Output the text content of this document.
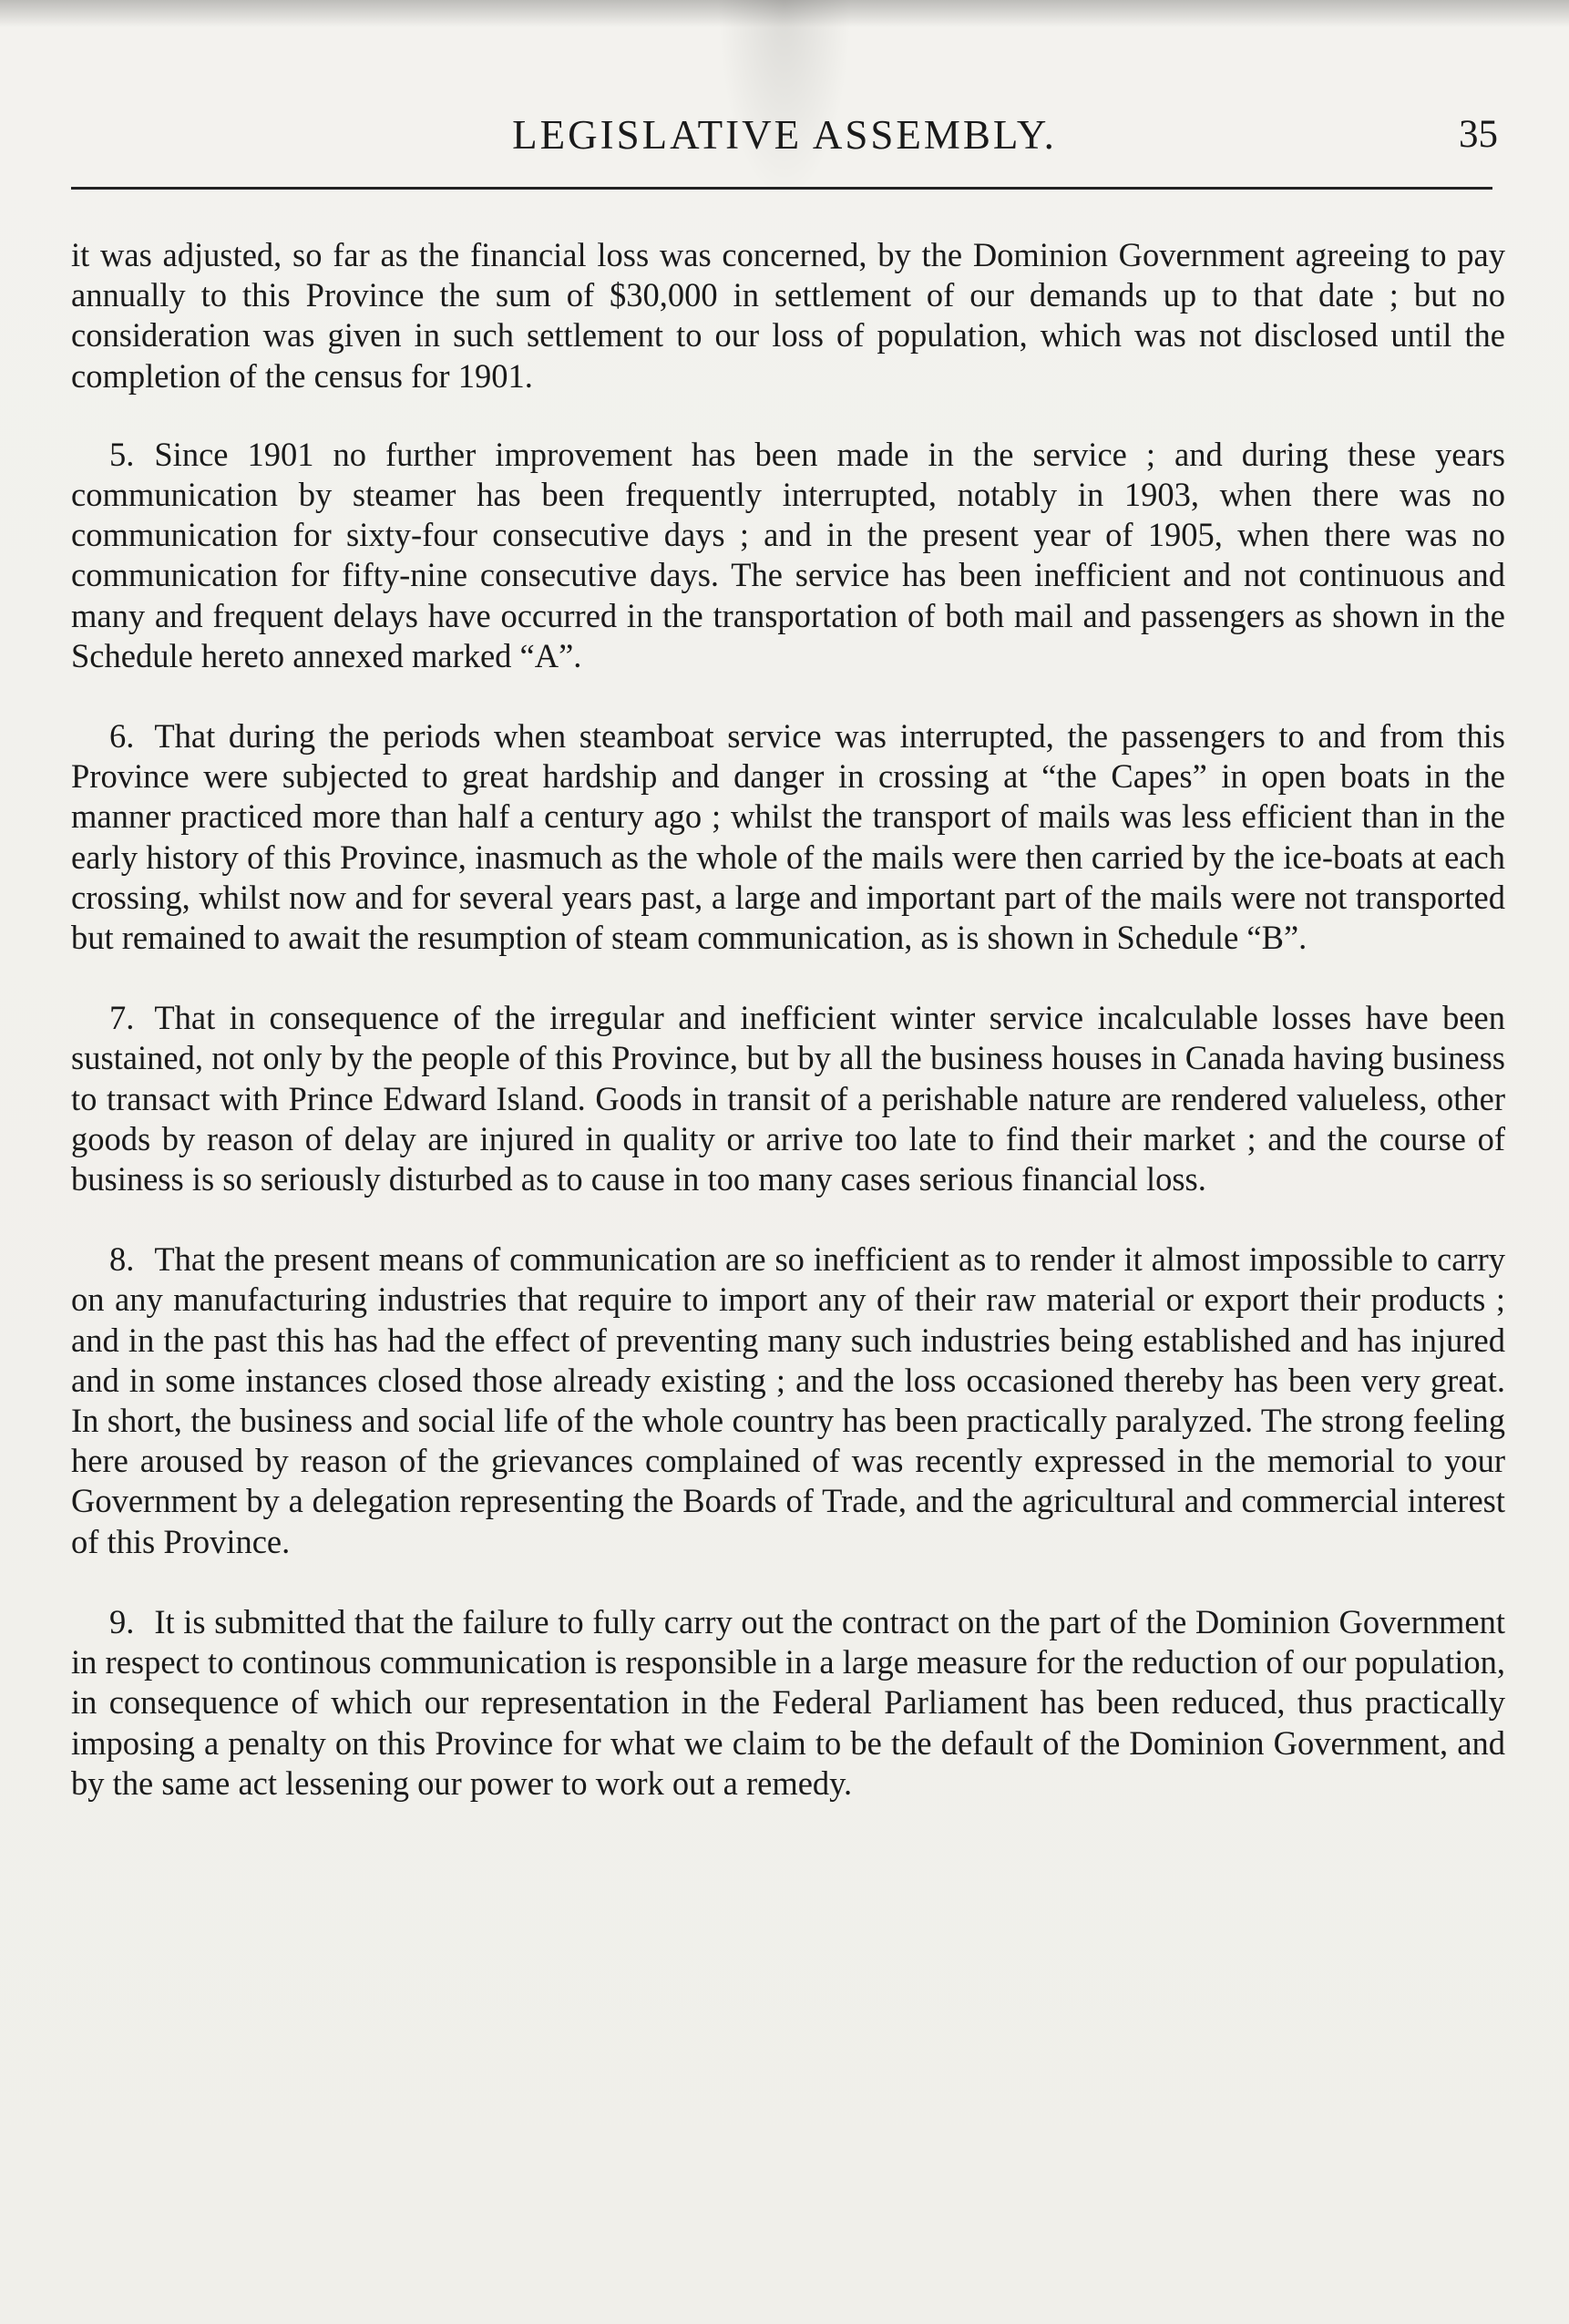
LEGISLATIVE ASSEMBLY.	35

it was adjusted, so far as the financial loss was concerned, by the Dominion Government agreeing to pay annually to this Province the sum of $30,000 in settlement of our demands up to that date ; but no consideration was given in such settlement to our loss of population, which was not disclosed until the completion of the census for 1901.

5. Since 1901 no further improvement has been made in the service ; and during these years communication by steamer has been frequently interrupted, notably in 1903, when there was no communication for sixty-four consecutive days ; and in the present year of 1905, when there was no communication for fifty-nine consecutive days. The service has been inefficient and not continuous and many and frequent delays have occurred in the transportation of both mail and passengers as shown in the Schedule hereto annexed marked “A”.

6. That during the periods when steamboat service was interrupted, the passengers to and from this Province were subjected to great hardship and danger in crossing at “the Capes” in open boats in the manner practiced more than half a century ago ; whilst the transport of mails was less efficient than in the early history of this Province, inasmuch as the whole of the mails were then carried by the ice-boats at each crossing, whilst now and for several years past, a large and important part of the mails were not transported but remained to await the resumption of steam communication, as is shown in Schedule “B”.

7. That in consequence of the irregular and inefficient winter service incalculable losses have been sustained, not only by the people of this Province, but by all the business houses in Canada having business to transact with Prince Edward Island. Goods in transit of a perishable nature are rendered valueless, other goods by reason of delay are injured in quality or arrive too late to find their market ; and the course of business is so seriously disturbed as to cause in too many cases serious financial loss.

8. That the present means of communication are so inefficient as to render it almost impossible to carry on any manufacturing industries that require to import any of their raw material or export their products ; and in the past this has had the effect of preventing many such industries being established and has injured and in some instances closed those already existing ; and the loss occasioned thereby has been very great. In short, the business and social life of the whole country has been practically paralyzed. The strong feeling here aroused by reason of the grievances complained of was recently expressed in the memorial to your Government by a delegation representing the Boards of Trade, and the agricultural and commercial interest of this Province.

9. It is submitted that the failure to fully carry out the contract on the part of the Dominion Government in respect to continous communication is responsible in a large measure for the reduction of our population, in consequence of which our representation in the Federal Parliament has been reduced, thus practically imposing a penalty on this Province for what we claim to be the default of the Dominion Government, and by the same act lessening our power to work out a remedy.
